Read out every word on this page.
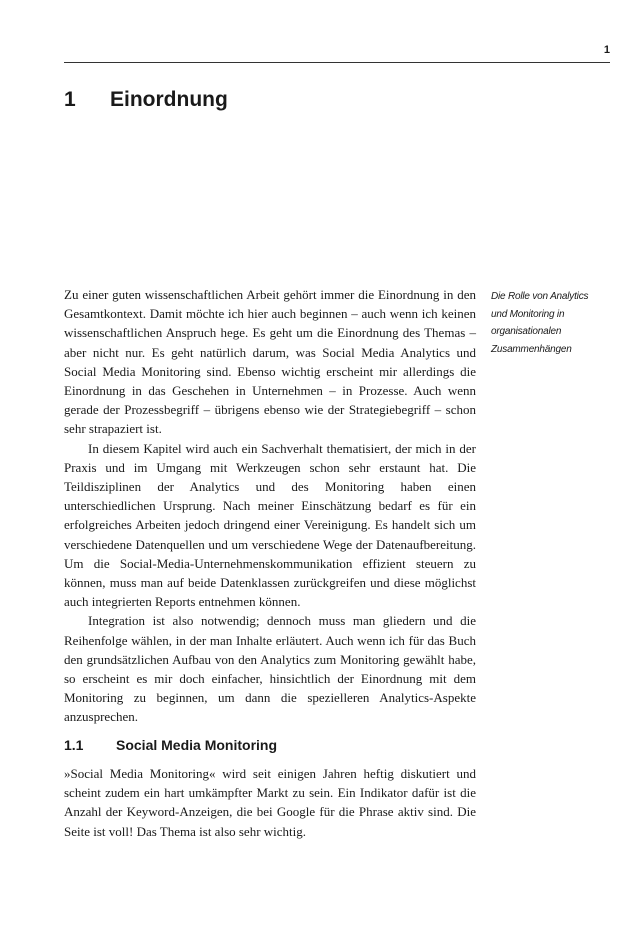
1
1	Einordnung
Die Rolle von Analytics
und Monitoring in
organisationalen
Zusammenhängen

Zu einer guten wissenschaftlichen Arbeit gehört immer die Einordnung in den Gesamtkontext. Damit möchte ich hier auch beginnen – auch wenn ich keinen wissenschaftlichen Anspruch hege. Es geht um die Einordnung des Themas – aber nicht nur. Es geht natürlich darum, was Social Media Analytics und Social Media Monitoring sind. Ebenso wichtig erscheint mir allerdings die Einordnung in das Geschehen in Unternehmen – in Prozesse. Auch wenn gerade der Prozessbegriff – übrigens ebenso wie der Strategiebegriff – schon sehr strapaziert ist.

In diesem Kapitel wird auch ein Sachverhalt thematisiert, der mich in der Praxis und im Umgang mit Werkzeugen schon sehr erstaunt hat. Die Teildisziplinen der Analytics und des Monitoring haben einen unterschiedlichen Ursprung. Nach meiner Einschätzung bedarf es für ein erfolgreiches Arbeiten jedoch dringend einer Vereinigung. Es handelt sich um verschiedene Datenquellen und um verschiedene Wege der Datenaufbereitung. Um die Social-Media-Unternehmenskommunikation effizient steuern zu können, muss man auf beide Datenklassen zurückgreifen und diese möglichst auch integrierten Reports entnehmen können.

Integration ist also notwendig; dennoch muss man gliedern und die Reihenfolge wählen, in der man Inhalte erläutert. Auch wenn ich für das Buch den grundsätzlichen Aufbau von den Analytics zum Monitoring gewählt habe, so erscheint es mir doch einfacher, hinsichtlich der Einordnung mit dem Monitoring zu beginnen, um dann die spezielleren Analytics-Aspekte anzusprechen.

1.1	Social Media Monitoring

»Social Media Monitoring« wird seit einigen Jahren heftig diskutiert und scheint zudem ein hart umkämpfter Markt zu sein. Ein Indikator dafür ist die Anzahl der Keyword-Anzeigen, die bei Google für die Phrase aktiv sind. Die Seite ist voll! Das Thema ist also sehr wichtig.
